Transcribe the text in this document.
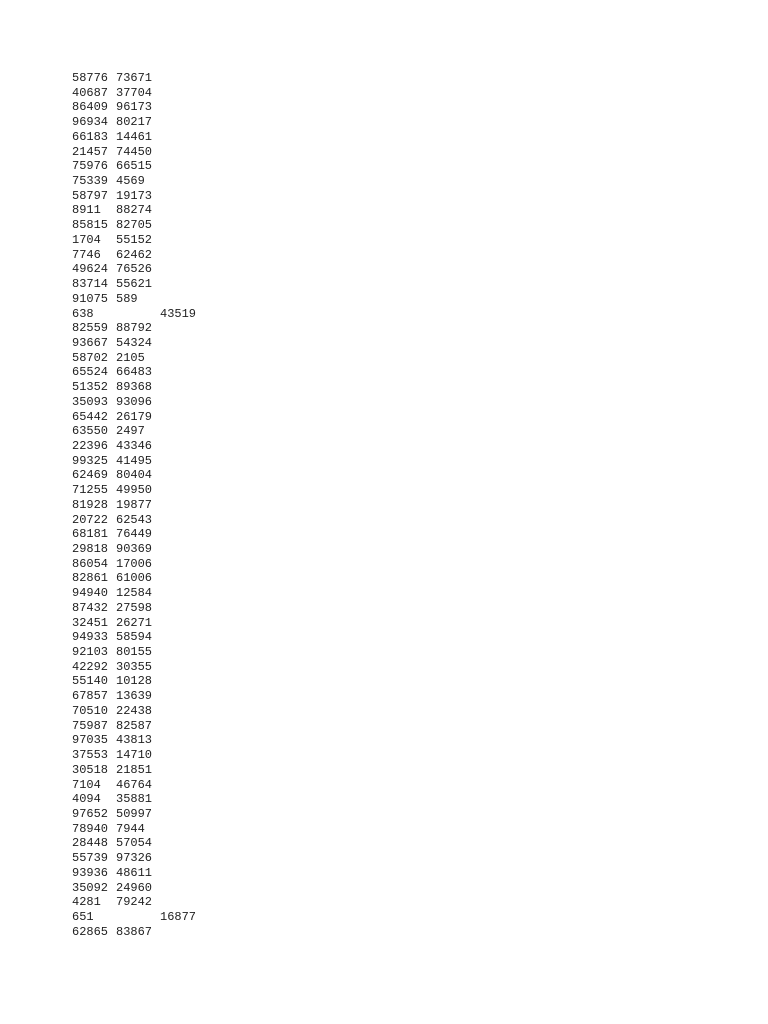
58776 73671
40687 37704
86409 96173
96934 80217
66183 14461
21457 74450
75976 66515
75339 4569
58797 19173
8911 88274
85815 82705
1704 55152
7746 62462
49624 76526
83714 55621
91075 589
638	43519
82559 88792
93667 54324
58702 2105
65524 66483
51352 89368
35093 93096
65442 26179
63550 2497
22396 43346
99325 41495
62469 80404
71255 49950
81928 19877
20722 62543
68181 76449
29818 90369
86054 17006
82861 61006
94940 12584
87432 27598
32451 26271
94933 58594
92103 80155
42292 30355
55140 10128
67857 13639
70510 22438
75987 82587
97035 43813
37553 14710
30518 21851
7104 46764
4094 35881
97652 50997
78940 7944
28448 57054
55739 97326
93936 48611
35092 24960
4281 79242
651	16877
62865 83867
